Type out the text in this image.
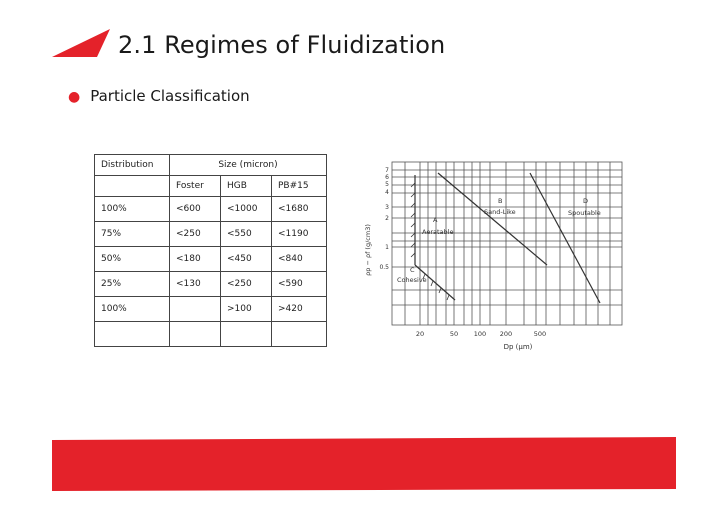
2.1 Regimes of Fluidization
● Particle Classification
Distribution	Size (micron)		
	Foster	HGB	PB#15
100%	<600	<1000	<1680
75%	<250	<550	<1190
50%	<180	<450	<840
25%	<130	<250	<590
100%		>100	>420

7
6
5
4
3
2
1
0.5
20	50 100 200	500
Dp (μm)
ρp − ρf (g/cm3)
A
Aeratable
B
Sand-Like
C
Cohesive
D
Spoutable
